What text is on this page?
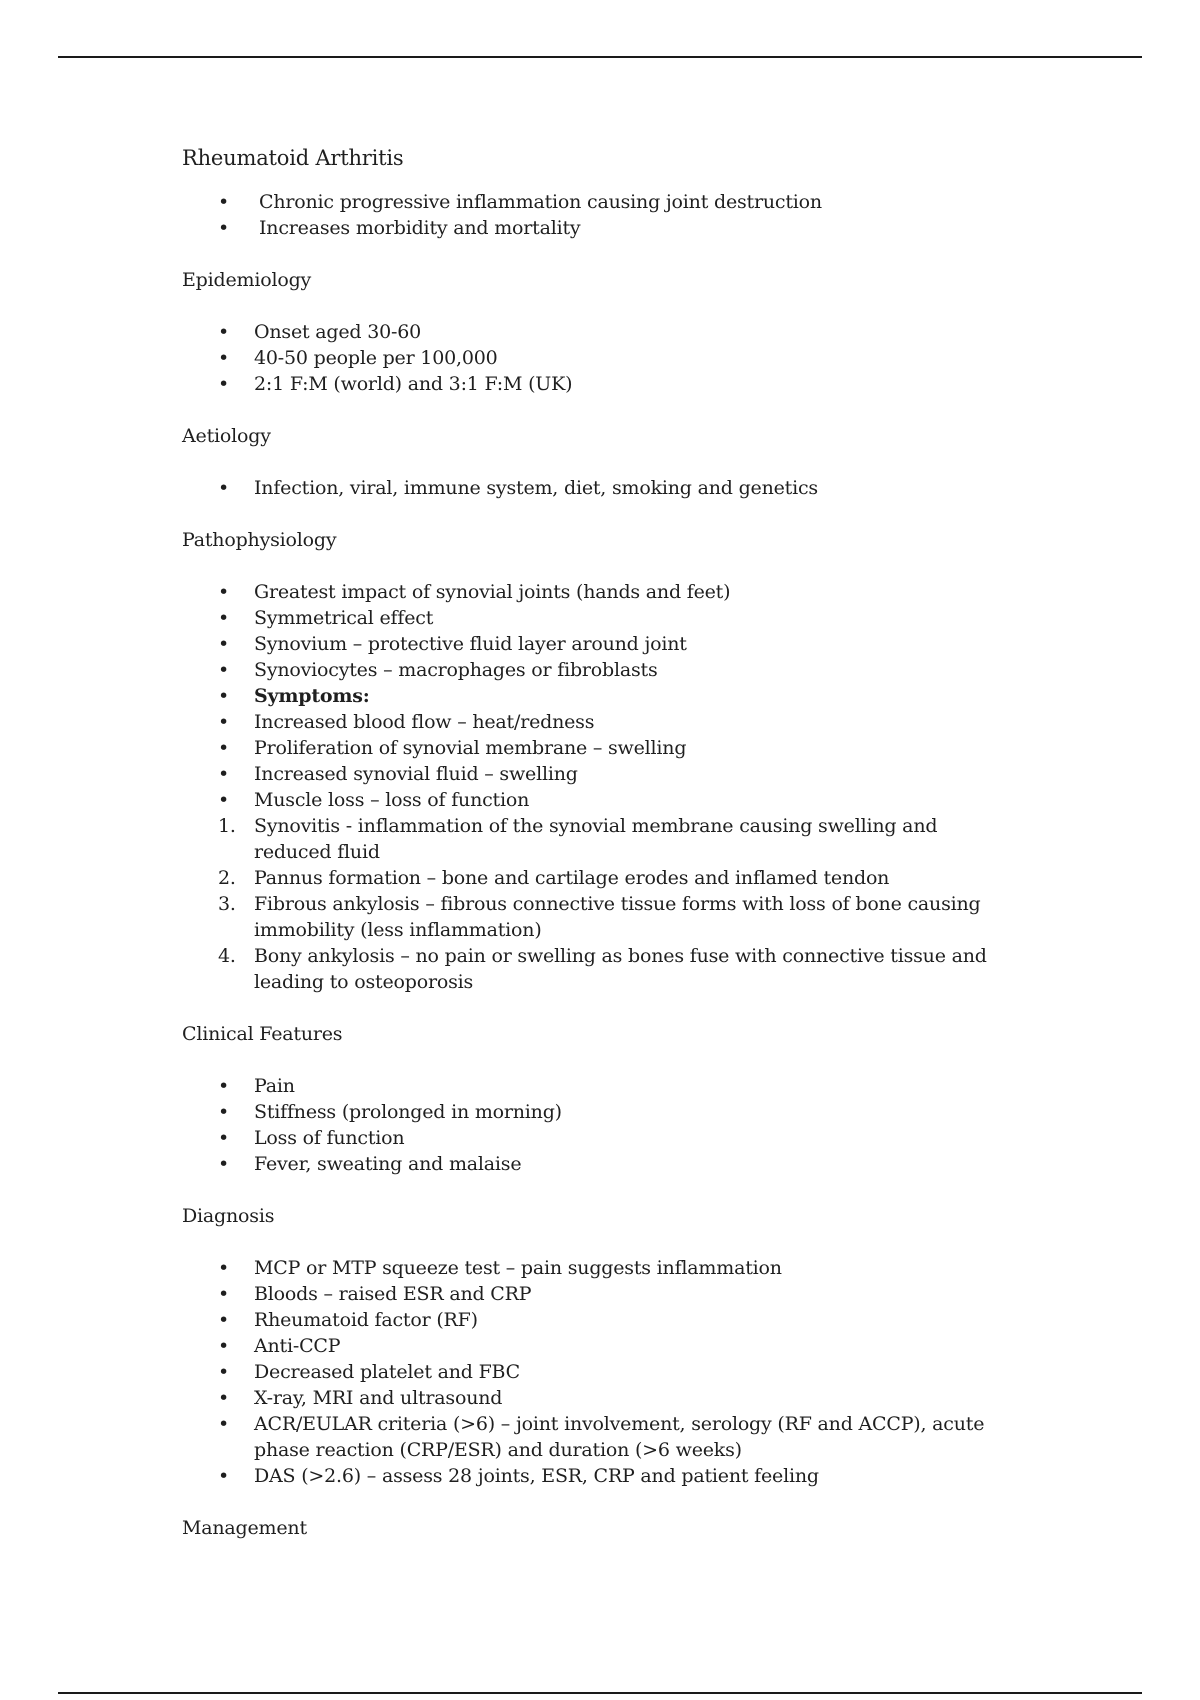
Rheumatoid Arthritis
• Chronic progressive inflammation causing joint destruction
• Increases morbidity and mortality
Epidemiology
• Onset aged 30-60
• 40-50 people per 100,000
• 2:1 F:M (world) and 3:1 F:M (UK)
Aetiology
• Infection, viral, immune system, diet, smoking and genetics
Pathophysiology
• Greatest impact of synovial joints (hands and feet)
• Symmetrical effect
• Synovium – protective fluid layer around joint
• Synoviocytes – macrophages or fibroblasts
• Symptoms:
• Increased blood flow – heat/redness
• Proliferation of synovial membrane – swelling
• Increased synovial fluid – swelling
• Muscle loss – loss of function
1. Synovitis - inflammation of the synovial membrane causing swelling and reduced fluid
2. Pannus formation – bone and cartilage erodes and inflamed tendon
3. Fibrous ankylosis – fibrous connective tissue forms with loss of bone causing immobility (less inflammation)
4. Bony ankylosis – no pain or swelling as bones fuse with connective tissue and leading to osteoporosis
Clinical Features
• Pain
• Stiffness (prolonged in morning)
• Loss of function
• Fever, sweating and malaise
Diagnosis
• MCP or MTP squeeze test – pain suggests inflammation
• Bloods – raised ESR and CRP
• Rheumatoid factor (RF)
• Anti-CCP
• Decreased platelet and FBC
• X-ray, MRI and ultrasound
• ACR/EULAR criteria (>6) – joint involvement, serology (RF and ACCP), acute phase reaction (CRP/ESR) and duration (>6 weeks)
• DAS (>2.6) – assess 28 joints, ESR, CRP and patient feeling
Management
